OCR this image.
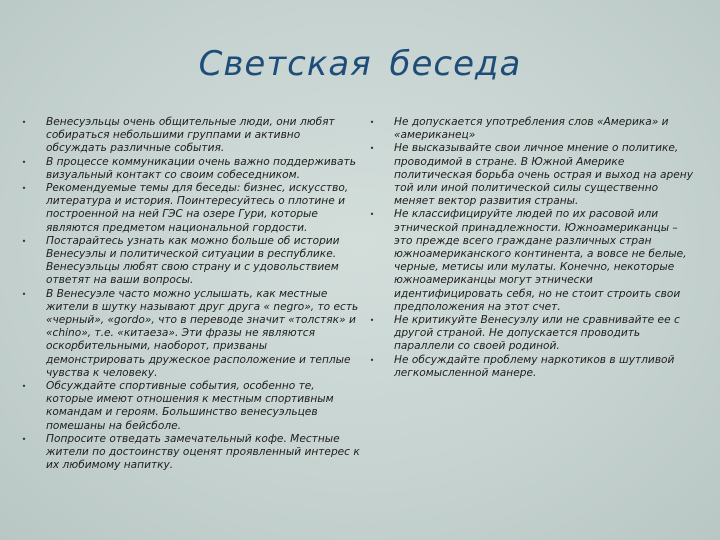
Светская беседа
•	Венесуэльцы очень общительные люди, они любят собираться небольшими группами и активно обсуждать различные события.
•	В процессе коммуникации очень важно поддерживать визуальный контакт со своим собеседником.
•	Рекомендуемые темы для беседы: бизнес, искусство, литература и история. Поинтересуйтесь о плотине и построенной на ней ГЭС на озере Гури, которые являются предметом национальной гордости.
•	Постарайтесь узнать как можно больше об истории Венесуэлы и политической ситуации в республике. Венесуэльцы любят свою страну и с удовольствием ответят на ваши вопросы.
•	В Венесуэле часто можно услышать, как местные жители в шутку называют друг друга « negro», то есть «черный», «gordo», что в переводе значит «толстяк» и «chino», т.е. «китаеза». Эти фразы не являются оскорбительными, наоборот, призваны демонстрировать дружеское расположение и теплые чувства к человеку.
•	Обсуждайте спортивные события, особенно те, которые имеют отношения к местным спортивным командам и героям. Большинство венесуэльцев помешаны на бейсболе.
•	Попросите отведать замечательный кофе. Местные жители по достоинству оценят проявленный интерес к их любимому напитку.
•	Не допускается употребления слов «Америка» и «американец»
•	Не высказывайте свои личное мнение о политике, проводимой в стране. В Южной Америке политическая борьба очень острая и выход на арену той или иной политической силы существенно меняет вектор развития страны.
•	Не классифицируйте людей по их расовой или этнической принадлежности. Южноамериканцы – это прежде всего граждане различных стран южноамериканского континента, а вовсе не белые, черные, метисы или мулаты. Конечно, некоторые южноамериканцы могут этнически идентифицировать себя, но не стоит строить свои предположения на этот счет.
•	Не критикуйте Венесуэлу или не сравнивайте ее с другой страной. Не допускается проводить параллели со своей родиной.
•	Не обсуждайте проблему наркотиков в шутливой легкомысленной манере.
